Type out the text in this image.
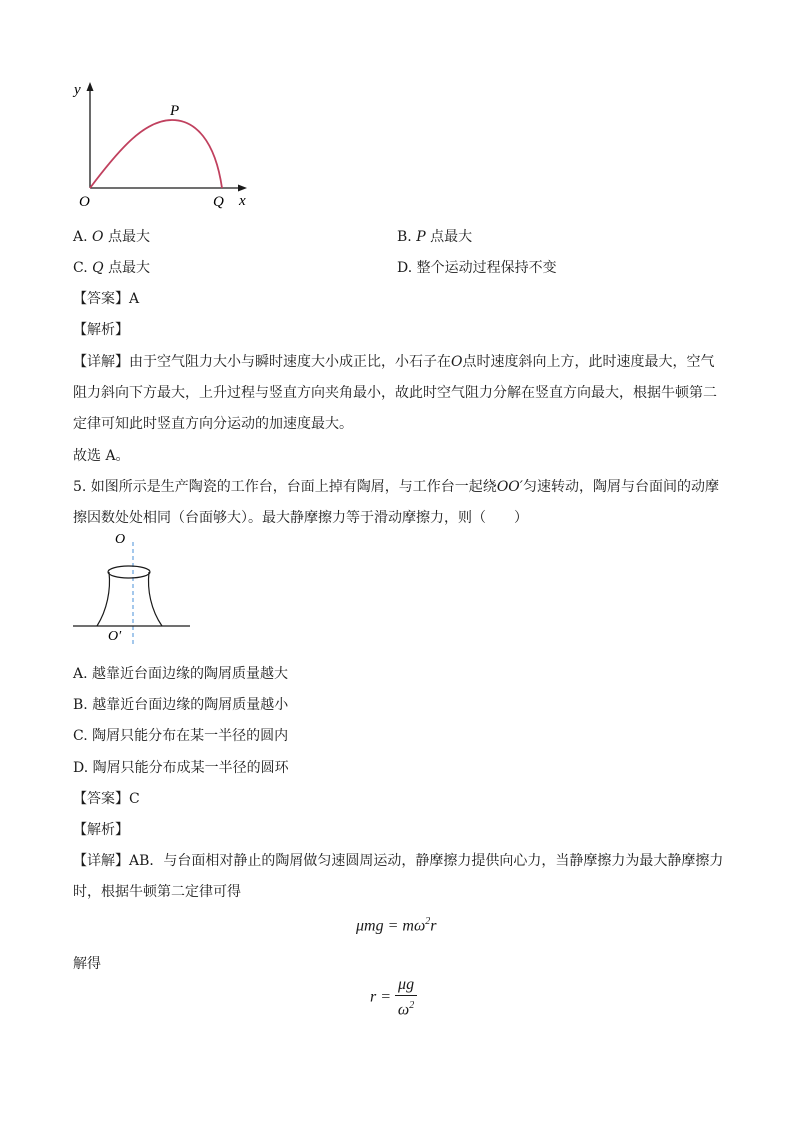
y
P
O	Q x
A. O 点最大	B. P 点最大
C. Q 点最大	D. 整个运动过程保持不变
【答案】A
【解析】
【详解】由于空气阻力大小与瞬时速度大小成正比，小石子在O点时速度斜向上方，此时速度最大，空气
阻力斜向下方最大，上升过程与竖直方向夹角最小，故此时空气阻力分解在竖直方向最大，根据牛顿第二
定律可知此时竖直方向分运动的加速度最大。
故选 A。
5. 如图所示是生产陶瓷的工作台，台面上掉有陶屑，与工作台一起绕OO′匀速转动，陶屑与台面间的动摩
擦因数处处相同（台面够大）。最大静摩擦力等于滑动摩擦力，则（　　）
O
O′
A. 越靠近台面边缘的陶屑质量越大
B. 越靠近台面边缘的陶屑质量越小
C. 陶屑只能分布在某一半径的圆内
D. 陶屑只能分布成某一半径的圆环
【答案】C
【解析】
【详解】AB．与台面相对静止的陶屑做匀速圆周运动，静摩擦力提供向心力，当静摩擦力为最大静摩擦力
时，根据牛顿第二定律可得
$\mu mg = m\omega^2r$
解得
$r = \frac{\mu g}{\omega^2}$
